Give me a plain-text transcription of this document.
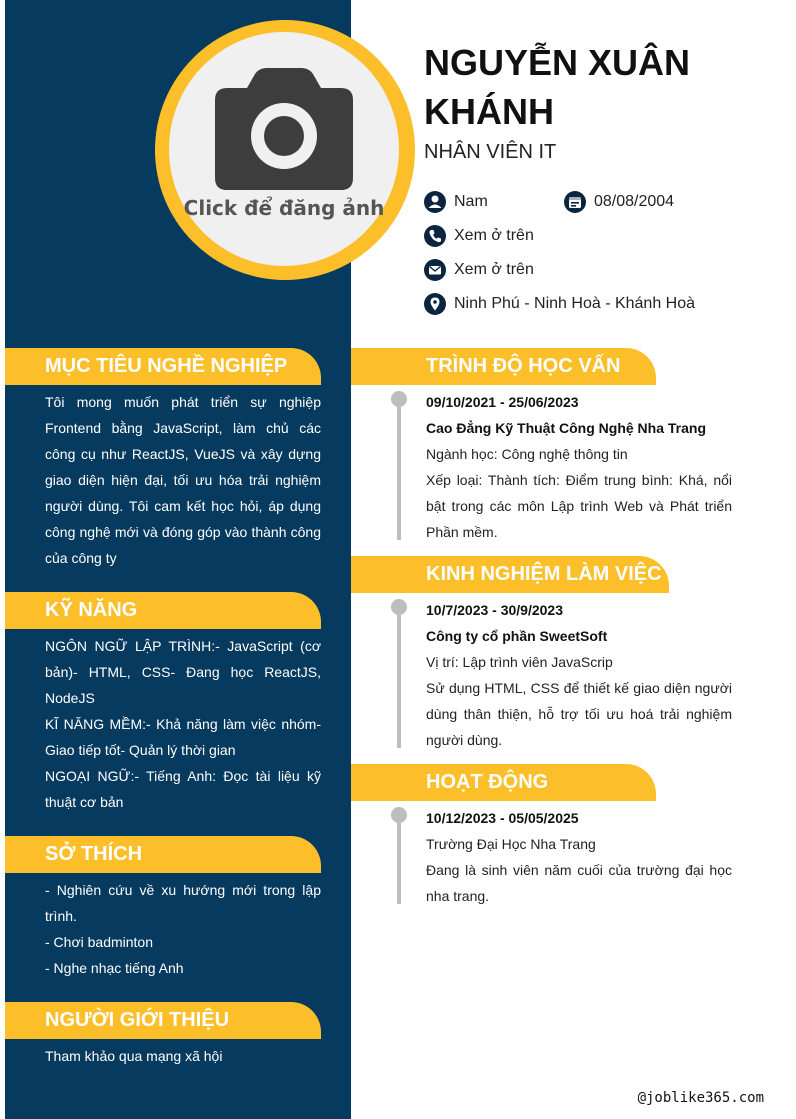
Click để đăng ảnh
NGUYỄN XUÂN
KHÁNH
NHÂN VIÊN IT
Nam	08/08/2004
Xem ở trên
Xem ở trên
Ninh Phú - Ninh Hoà - Khánh Hoà
MỤC TIÊU NGHỀ NGHIỆP
Tôi mong muốn phát triển sự nghiệp Frontend bằng JavaScript, làm chủ các công cụ như ReactJS, VueJS và xây dựng giao diện hiện đại, tối ưu hóa trải nghiệm người dùng. Tôi cam kết học hỏi, áp dụng công nghệ mới và đóng góp vào thành công của công ty
KỸ NĂNG
NGÔN NGỮ LẬP TRÌNH:- JavaScript (cơ bản)- HTML, CSS- Đang học ReactJS, NodeJS
KĨ NĂNG MỀM:- Khả năng làm việc nhóm- Giao tiếp tốt- Quản lý thời gian
NGOẠI NGỮ:- Tiếng Anh: Đọc tài liệu kỹ thuật cơ bản
SỞ THÍCH
- Nghiên cứu về xu hướng mới trong lập trình.
- Chơi badminton
- Nghe nhạc tiếng Anh
NGƯỜI GIỚI THIỆU
Tham khảo qua mạng xã hội
TRÌNH ĐỘ HỌC VẤN
09/10/2021 - 25/06/2023
Cao Đẳng Kỹ Thuật Công Nghệ Nha Trang
Ngành học: Công nghệ thông tin
Xếp loại: Thành tích: Điểm trung bình: Khá, nổi bật trong các môn Lập trình Web và Phát triển Phần mềm.
KINH NGHIỆM LÀM VIỆC
10/7/2023 - 30/9/2023
Công ty cổ phần SweetSoft
Vị trí: Lập trình viên JavaScrip
Sử dụng HTML, CSS để thiết kế giao diện người dùng thân thiện, hỗ trợ tối ưu hoá trải nghiệm người dùng.
HOẠT ĐỘNG
10/12/2023 - 05/05/2025
Trường Đại Học Nha Trang
Đang là sinh viên năm cuối của trường đại học nha trang.
@joblike365.com
